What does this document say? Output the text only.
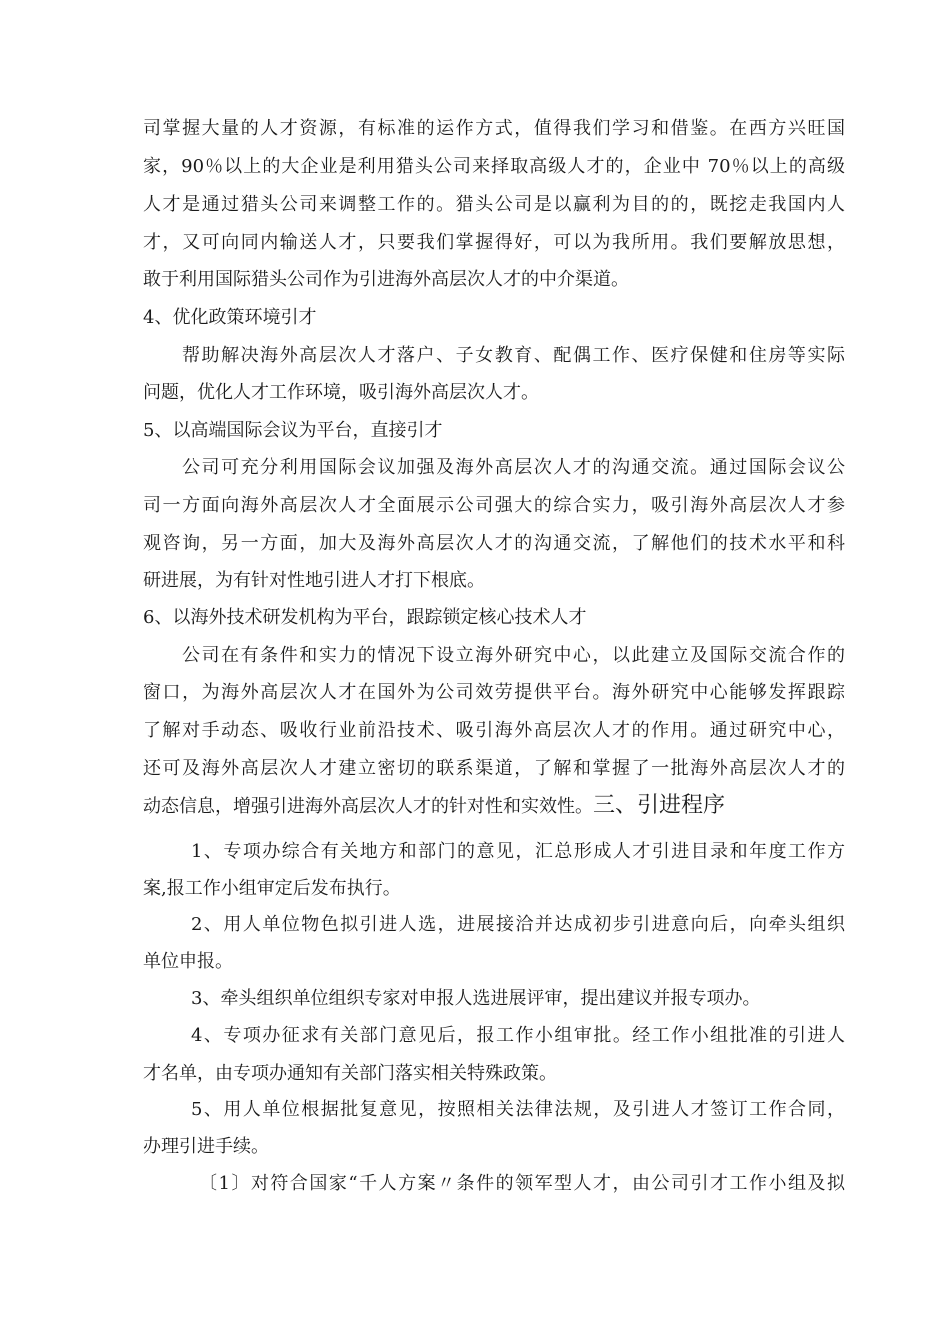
司掌握大量的人才资源，有标准的运作方式，值得我们学习和借鉴。在西方兴旺国
家，90％以上的大企业是利用猎头公司来择取高级人才的，企业中 70％以上的高级
人才是通过猎头公司来调整工作的。猎头公司是以赢利为目的的，既挖走我国内人
才，又可向同内输送人才，只要我们掌握得好，可以为我所用。我们要解放思想，
敢于利用国际猎头公司作为引进海外高层次人才的中介渠道。
4、优化政策环境引才
帮助解决海外高层次人才落户、子女教育、配偶工作、医疗保健和住房等实际
问题，优化人才工作环境，吸引海外高层次人才。
5、以高端国际会议为平台，直接引才
公司可充分利用国际会议加强及海外高层次人才的沟通交流。通过国际会议公
司一方面向海外高层次人才全面展示公司强大的综合实力，吸引海外高层次人才参
观咨询，另一方面，加大及海外高层次人才的沟通交流，了解他们的技术水平和科
研进展，为有针对性地引进人才打下根底。
6、以海外技术研发机构为平台，跟踪锁定核心技术人才
公司在有条件和实力的情况下设立海外研究中心，以此建立及国际交流合作的
窗口，为海外高层次人才在国外为公司效劳提供平台。海外研究中心能够发挥跟踪
了解对手动态、吸收行业前沿技术、吸引海外高层次人才的作用。通过研究中心，
还可及海外高层次人才建立密切的联系渠道，了解和掌握了一批海外高层次人才的
动态信息，增强引进海外高层次人才的针对性和实效性。三、引进程序
1、专项办综合有关地方和部门的意见，汇总形成人才引进目录和年度工作方
案,报工作小组审定后发布执行。
2、用人单位物色拟引进人选，进展接洽并达成初步引进意向后，向牵头组织
单位申报。
3、牵头组织单位组织专家对申报人选进展评审，提出建议并报专项办。
4、专项办征求有关部门意见后，报工作小组审批。经工作小组批准的引进人
才名单，由专项办通知有关部门落实相关特殊政策。
5、用人单位根据批复意见，按照相关法律法规，及引进人才签订工作合同，
办理引进手续。
〔1〕对符合国家“千人方案〃条件的领军型人才，由公司引才工作小组及拟
